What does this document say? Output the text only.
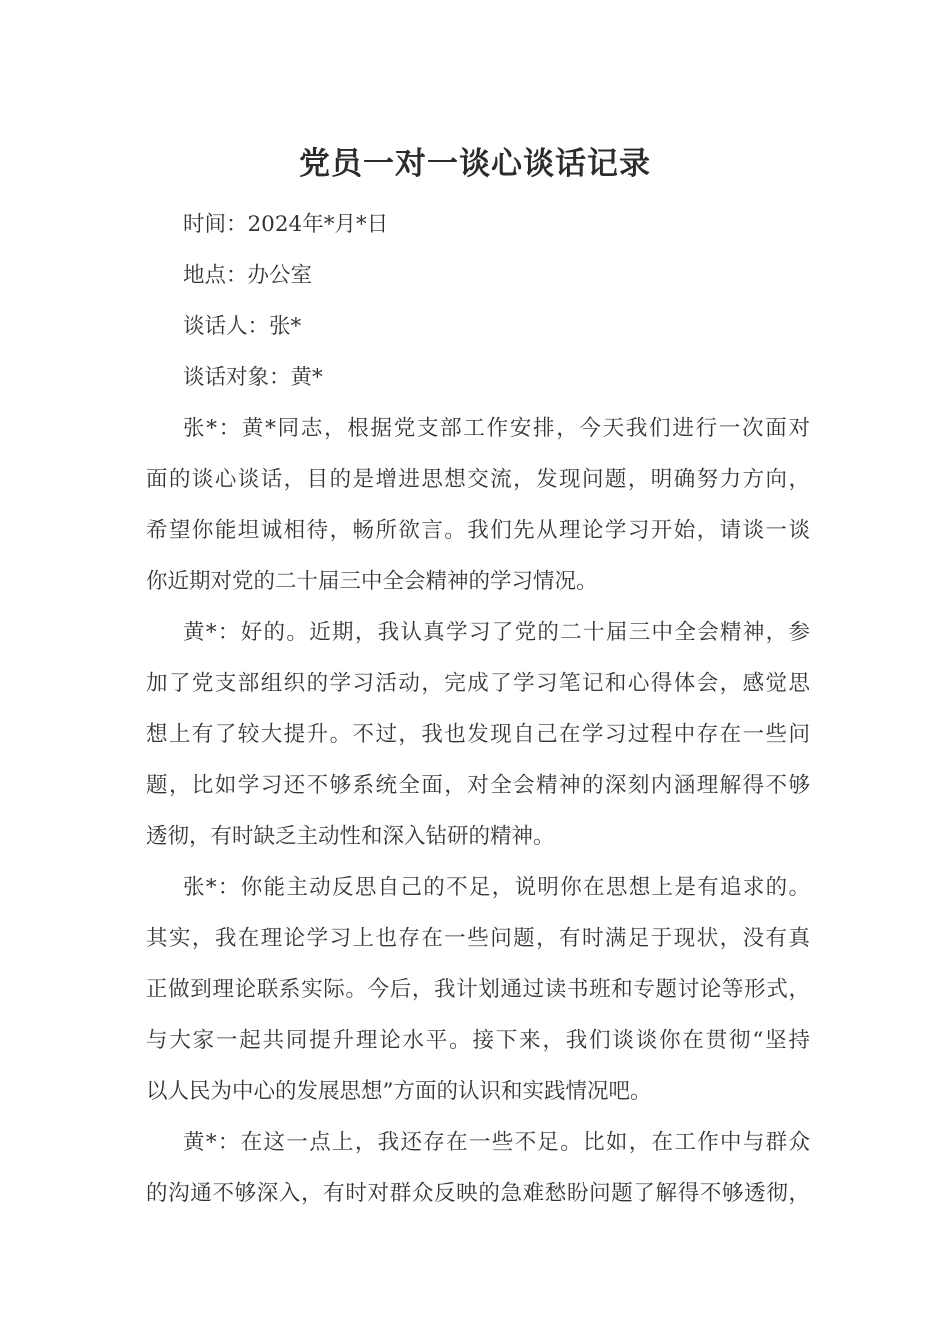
党员一对一谈心谈话记录
时间：2024年*月*日
地点：办公室
谈话人：张*
谈话对象：黄*
张*：黄*同志，根据党支部工作安排，今天我们进行一次面对
面的谈心谈话，目的是增进思想交流，发现问题，明确努力方向，
希望你能坦诚相待，畅所欲言。我们先从理论学习开始，请谈一谈
你近期对党的二十届三中全会精神的学习情况。
黄*：好的。近期，我认真学习了党的二十届三中全会精神，参
加了党支部组织的学习活动，完成了学习笔记和心得体会，感觉思
想上有了较大提升。不过，我也发现自己在学习过程中存在一些问
题，比如学习还不够系统全面，对全会精神的深刻内涵理解得不够
透彻，有时缺乏主动性和深入钻研的精神。
张*：你能主动反思自己的不足，说明你在思想上是有追求的。
其实，我在理论学习上也存在一些问题，有时满足于现状，没有真
正做到理论联系实际。今后，我计划通过读书班和专题讨论等形式，
与大家一起共同提升理论水平。接下来，我们谈谈你在贯彻“坚持
以人民为中心的发展思想”方面的认识和实践情况吧。
黄*：在这一点上，我还存在一些不足。比如，在工作中与群众
的沟通不够深入，有时对群众反映的急难愁盼问题了解得不够透彻，
